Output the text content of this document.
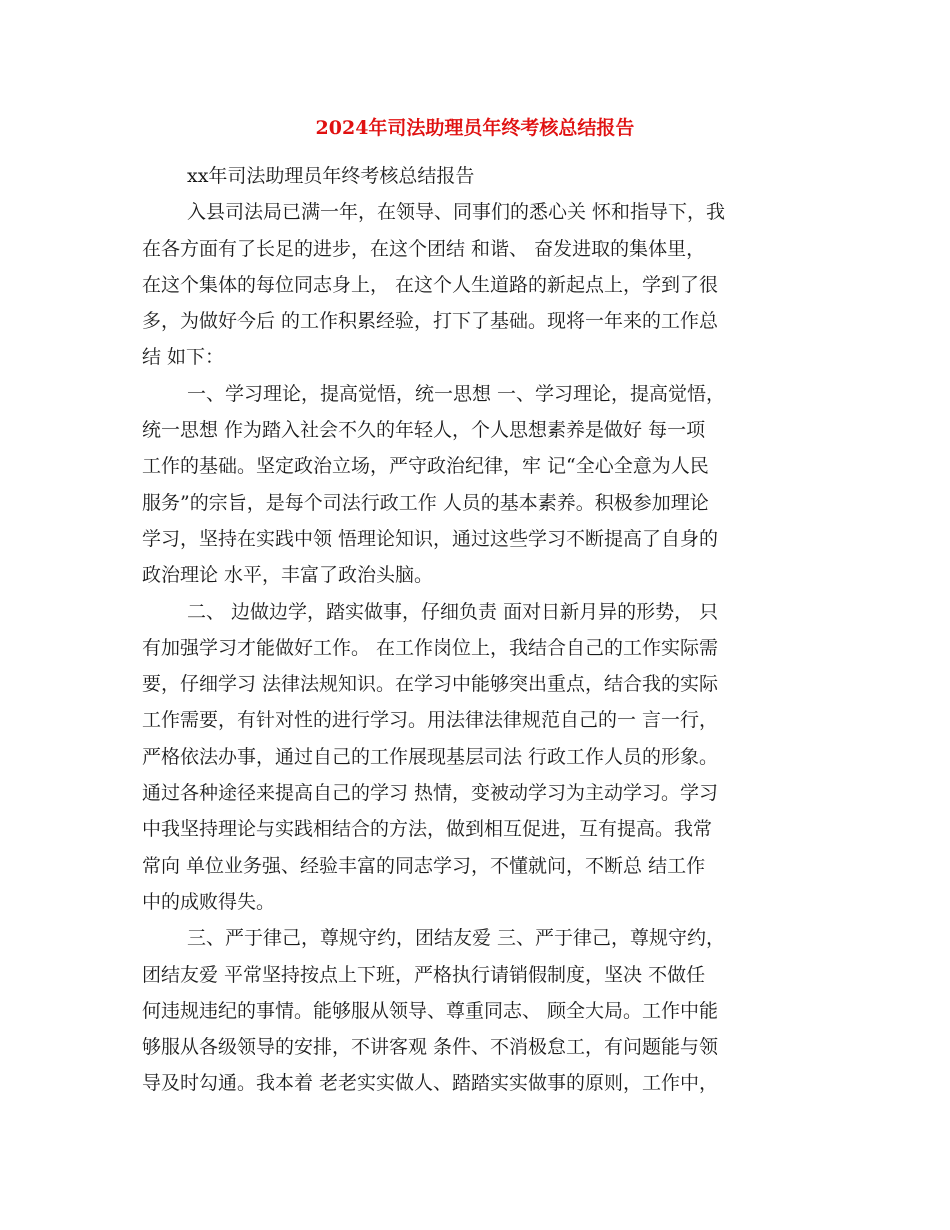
2024年司法助理员年终考核总结报告
xx年司法助理员年终考核总结报告
入县司法局已满一年，在领导、同事们的悉心关 怀和指导下，我
在各方面有了长足的进步，在这个团结 和谐、 奋发进取的集体里，
在这个集体的每位同志身上， 在这个人生道路的新起点上，学到了很
多，为做好今后 的工作积累经验，打下了基础。现将一年来的工作总
结 如下：
一、学习理论，提高觉悟，统一思想 一、学习理论，提高觉悟，
统一思想 作为踏入社会不久的年轻人，个人思想素养是做好 每一项
工作的基础。坚定政治立场，严守政治纪律，牢 记“全心全意为人民
服务”的宗旨，是每个司法行政工作 人员的基本素养。积极参加理论
学习，坚持在实践中领 悟理论知识，通过这些学习不断提高了自身的
政治理论 水平，丰富了政治头脑。
二、 边做边学，踏实做事，仔细负责 面对日新月异的形势， 只
有加强学习才能做好工作。 在工作岗位上，我结合自己的工作实际需
要，仔细学习 法律法规知识。在学习中能够突出重点，结合我的实际
工作需要，有针对性的进行学习。用法律法律规范自己的一 言一行，
严格依法办事，通过自己的工作展现基层司法 行政工作人员的形象。
通过各种途径来提高自己的学习 热情，变被动学习为主动学习。学习
中我坚持理论与实践相结合的方法，做到相互促进，互有提高。我常
常向 单位业务强、经验丰富的同志学习，不懂就问，不断总 结工作
中的成败得失。
三、严于律己，尊规守约，团结友爱 三、严于律己，尊规守约，
团结友爱 平常坚持按点上下班，严格执行请销假制度，坚决 不做任
何违规违纪的事情。能够服从领导、尊重同志、 顾全大局。工作中能
够服从各级领导的安排，不讲客观 条件、不消极怠工，有问题能与领
导及时勾通。我本着 老老实实做人、踏踏实实做事的原则，工作中，
